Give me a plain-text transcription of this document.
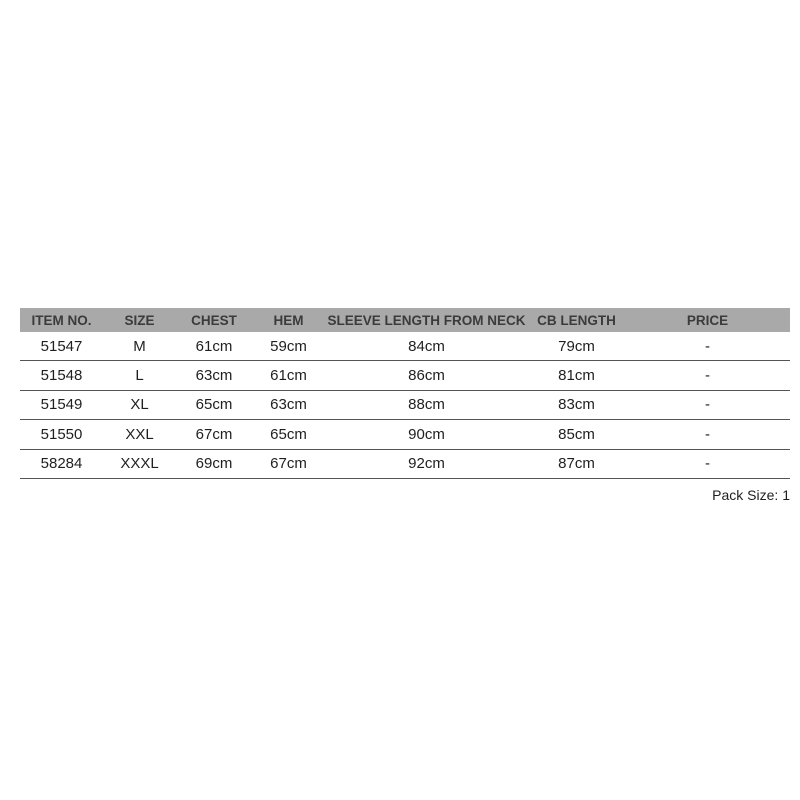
ITEM NO.	SIZE	CHEST	HEM	SLEEVE LENGTH FROM NECK	CB LENGTH	PRICE
51547	M	61cm	59cm	84cm	79cm	-
51548	L	63cm	61cm	86cm	81cm	-
51549	XL	65cm	63cm	88cm	83cm	-
51550	XXL	67cm	65cm	90cm	85cm	-
58284	XXXL	69cm	67cm	92cm	87cm	-
Pack Size: 1
